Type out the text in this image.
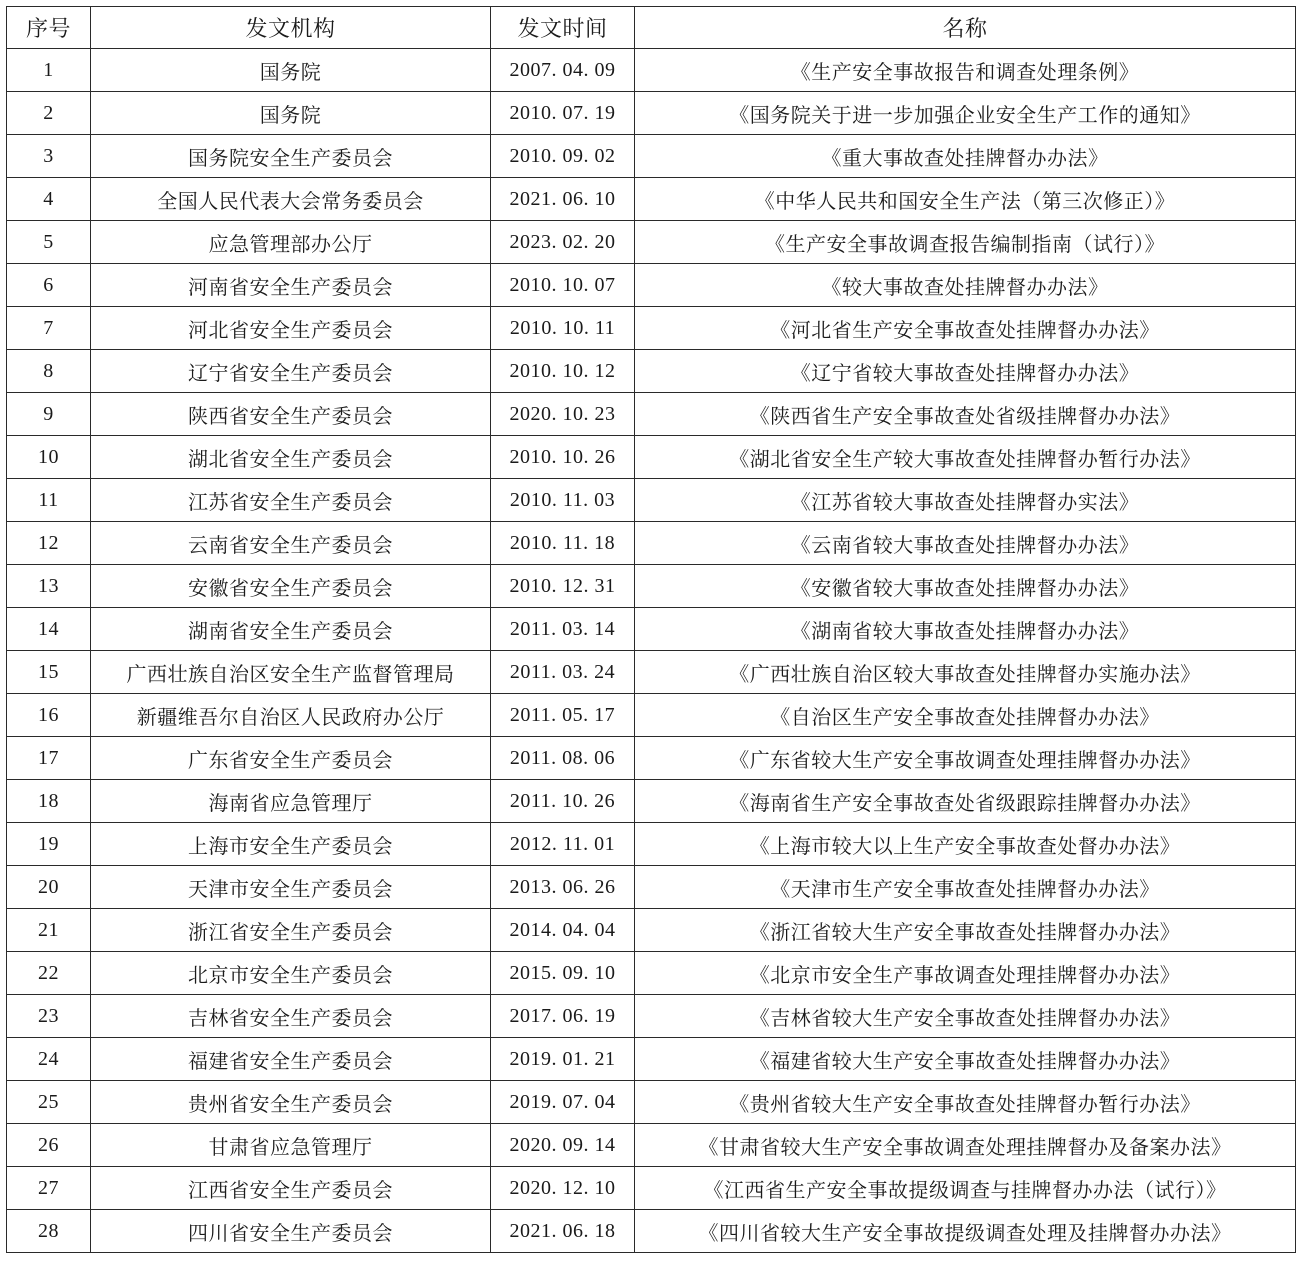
序号	发文机构	发文时间	名称
1	国务院	2007. 04. 09	《生产安全事故报告和调查处理条例》
2	国务院	2010. 07. 19	《国务院关于进一步加强企业安全生产工作的通知》
3	国务院安全生产委员会	2010. 09. 02	《重大事故查处挂牌督办办法》
4	全国人民代表大会常务委员会	2021. 06. 10	《中华人民共和国安全生产法（第三次修正）》
5	应急管理部办公厅	2023. 02. 20	《生产安全事故调查报告编制指南（试行）》
6	河南省安全生产委员会	2010. 10. 07	《较大事故查处挂牌督办办法》
7	河北省安全生产委员会	2010. 10. 11	《河北省生产安全事故查处挂牌督办办法》
8	辽宁省安全生产委员会	2010. 10. 12	《辽宁省较大事故查处挂牌督办办法》
9	陕西省安全生产委员会	2020. 10. 23	《陕西省生产安全事故查处省级挂牌督办办法》
10	湖北省安全生产委员会	2010. 10. 26	《湖北省安全生产较大事故查处挂牌督办暂行办法》
11	江苏省安全生产委员会	2010. 11. 03	《江苏省较大事故查处挂牌督办实法》
12	云南省安全生产委员会	2010. 11. 18	《云南省较大事故查处挂牌督办办法》
13	安徽省安全生产委员会	2010. 12. 31	《安徽省较大事故查处挂牌督办办法》
14	湖南省安全生产委员会	2011. 03. 14	《湖南省较大事故查处挂牌督办办法》
15	广西壮族自治区安全生产监督管理局	2011. 03. 24	《广西壮族自治区较大事故查处挂牌督办实施办法》
16	新疆维吾尔自治区人民政府办公厅	2011. 05. 17	《自治区生产安全事故查处挂牌督办办法》
17	广东省安全生产委员会	2011. 08. 06	《广东省较大生产安全事故调查处理挂牌督办办法》
18	海南省应急管理厅	2011. 10. 26	《海南省生产安全事故查处省级跟踪挂牌督办办法》
19	上海市安全生产委员会	2012. 11. 01	《上海市较大以上生产安全事故查处督办办法》
20	天津市安全生产委员会	2013. 06. 26	《天津市生产安全事故查处挂牌督办办法》
21	浙江省安全生产委员会	2014. 04. 04	《浙江省较大生产安全事故查处挂牌督办办法》
22	北京市安全生产委员会	2015. 09. 10	《北京市安全生产事故调查处理挂牌督办办法》
23	吉林省安全生产委员会	2017. 06. 19	《吉林省较大生产安全事故查处挂牌督办办法》
24	福建省安全生产委员会	2019. 01. 21	《福建省较大生产安全事故查处挂牌督办办法》
25	贵州省安全生产委员会	2019. 07. 04	《贵州省较大生产安全事故查处挂牌督办暂行办法》
26	甘肃省应急管理厅	2020. 09. 14	《甘肃省较大生产安全事故调查处理挂牌督办及备案办法》
27	江西省安全生产委员会	2020. 12. 10	《江西省生产安全事故提级调查与挂牌督办办法（试行）》
28	四川省安全生产委员会	2021. 06. 18	《四川省较大生产安全事故提级调查处理及挂牌督办办法》
